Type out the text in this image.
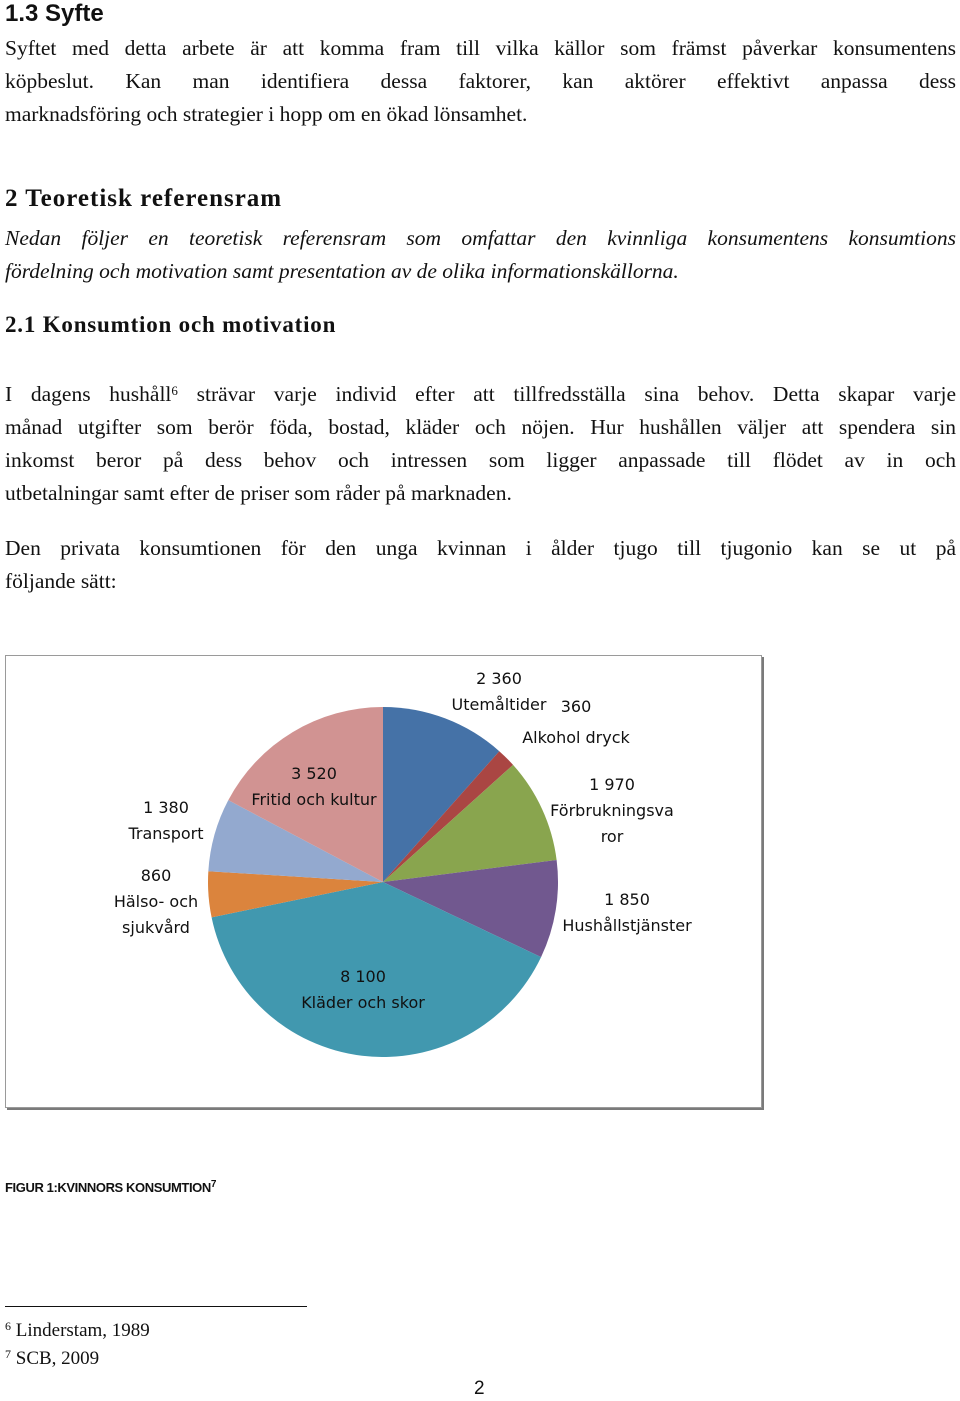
1.3 Syfte
Syftet med detta arbete är att komma fram till vilka källor som främst påverkar konsumentens
köpbeslut. Kan man identifiera dessa faktorer, kan aktörer effektivt anpassa dess
marknadsföring och strategier i hopp om en ökad lönsamhet.
2 Teoretisk referensram
Nedan följer en teoretisk referensram som omfattar den kvinnliga konsumentens konsumtions
fördelning och motivation samt presentation av de olika informationskällorna.
2.1 Konsumtion och motivation
I dagens hushåll$^6$ strävar varje individ efter att tillfredsställa sina behov. Detta skapar varje
månad utgifter som berör föda, bostad, kläder och nöjen. Hur hushållen väljer att spendera sin
inkomst beror på dess behov och intressen som ligger anpassade till flödet av in och
utbetalningar samt efter de priser som råder på marknaden.
Den privata konsumtionen för den unga kvinnan i ålder tjugo till tjugonio kan se ut på
följande sätt:
2 360
Utemåltider 360
Alkohol dryck
1 970
Förbrukningsva
ror
1 850
Hushållstjänster
8 100
Kläder och skor
860
Hälso- och
sjukvård
1 380
Transport
3 520
Fritid och kultur
FIGUR 1:KVINNORS KONSUMTION$^7$
$^6$ Linderstam, 1989
$^7$ SCB, 2009
2
